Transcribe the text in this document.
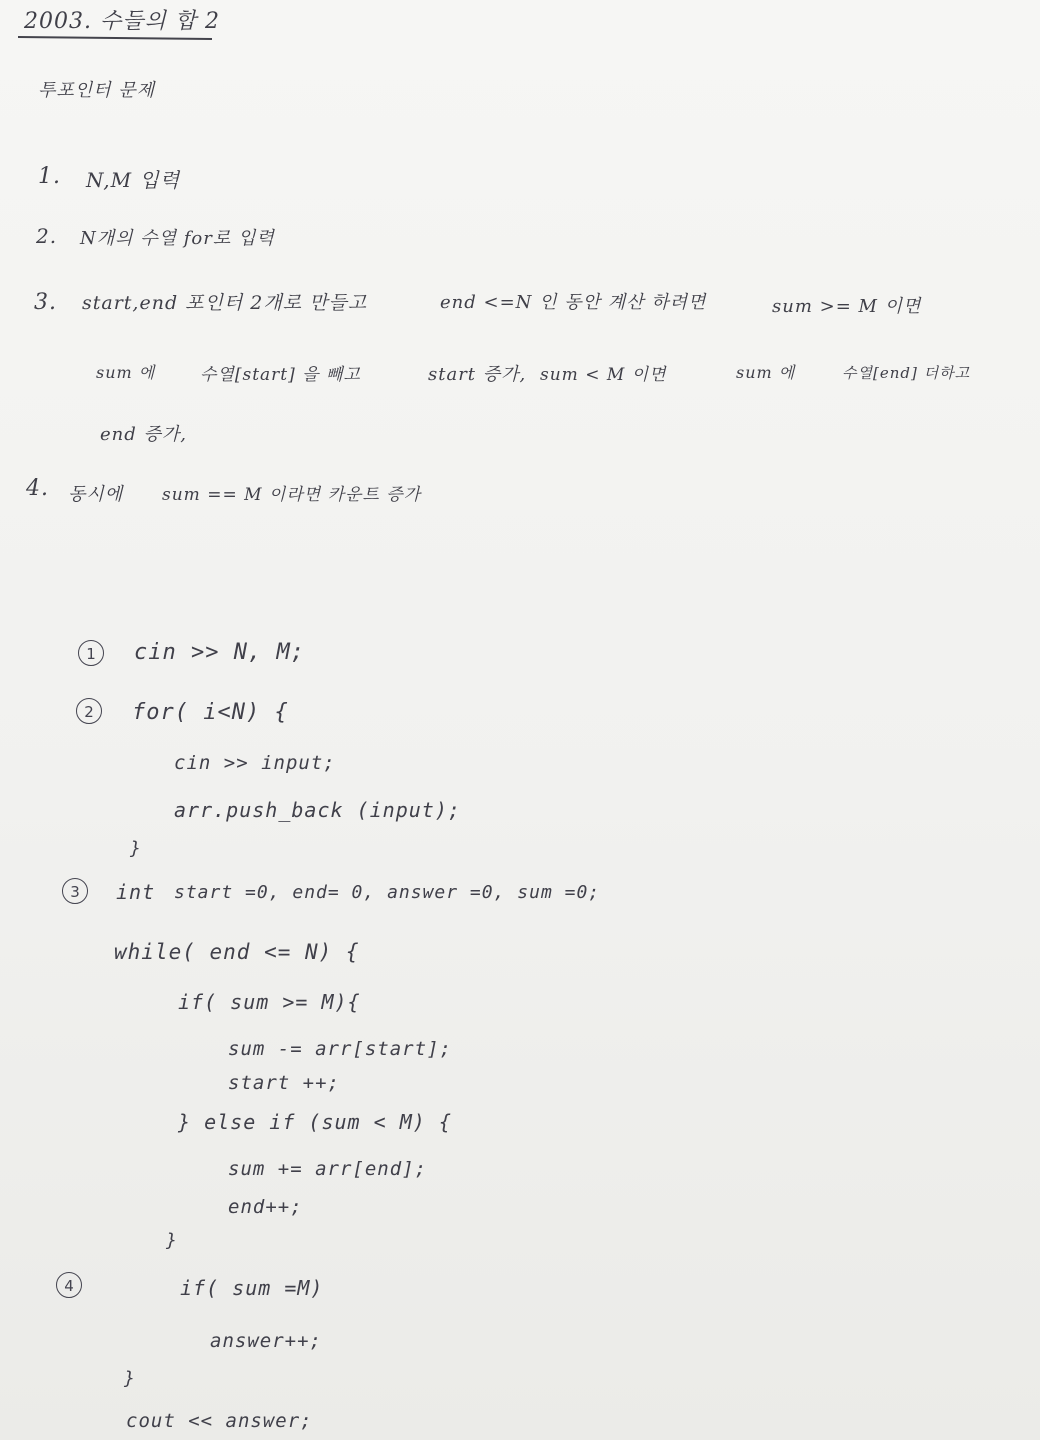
2003. 수들의 합 2
투포인터 문제
1. N,M 입력
2. N개의 수열 for로 입력
3. start,end 포인터 2개로 만들고	end <=N 인 동안 계산 하려면	sum >= M 이면
sum 에	수열[start] 을 빼고	start 증가, sum < M 이면	sum 에	수열[end] 더하고
end 증가,
4. 동시에 sum == M 이라면 카운트 증가
1
2
3
4
cin >> N, M;
for( i<N) {
cin >> input;
arr.push_back (input);
}
int start =0, end= 0, answer =0, sum =0;
while( end <= N) {
if( sum >= M){
sum -= arr[start];
start ++;
} else if (sum < M) {
sum += arr[end];
end++;
}
if( sum =M)
answer++;
}
cout << answer;
